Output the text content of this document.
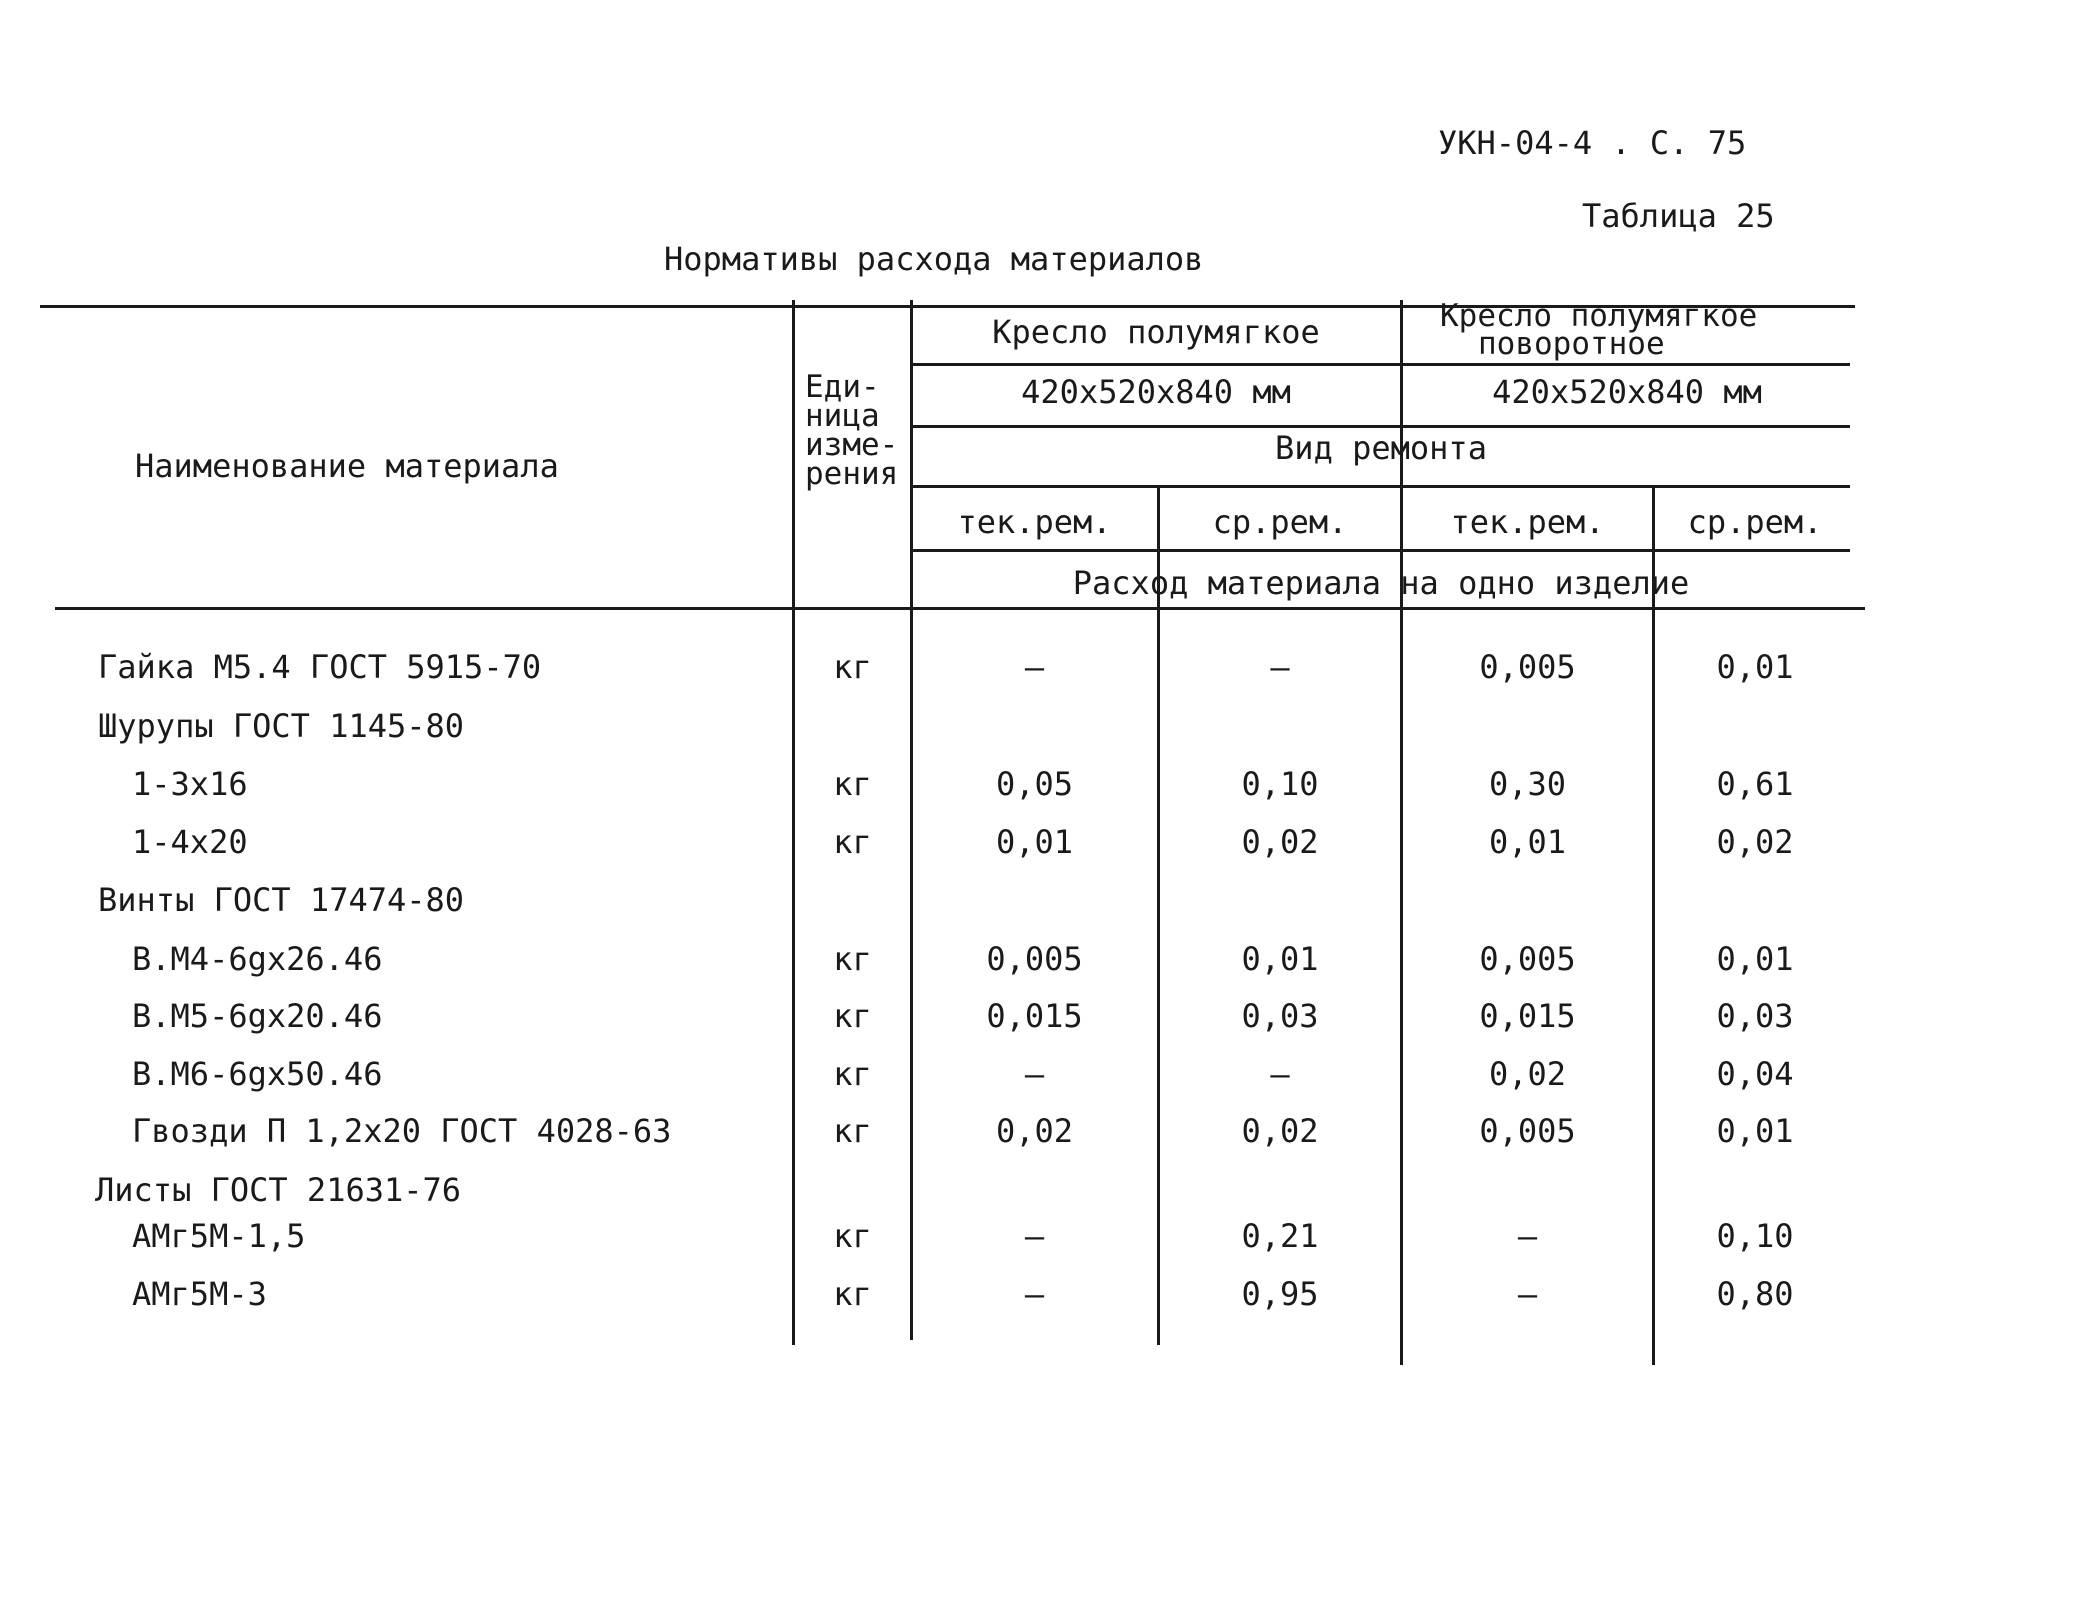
УКН-04-4 . С. 75
Таблица 25
Нормативы расхода материалов
Наименование материала
Еди-
ница
изме-
рения
Кресло полумягкое
420x520x840 мм
Кресло полумягкое
поворотное
420x520x840 мм
Вид ремонта
тек.рем.	ср.рем.	тек.рем.	ср.рем.
Расход материала на одно изделие
Гайка М5.4 ГОСТ 5915-70	кг	–	–	0,005	0,01
Шурупы ГОСТ 1145-80
1-3x16	кг	0,05	0,10	0,30	0,61
1-4x20	кг	0,01	0,02	0,01	0,02
Винты ГОСТ 17474-80
В.М4-6gx26.46	кг	0,005	0,01	0,005	0,01
В.М5-6gx20.46	кг	0,015	0,03	0,015	0,03
В.М6-6gx50.46	кг	–	–	0,02	0,04
Гвозди П 1,2x20 ГОСТ 4028-63	кг	0,02	0,02	0,005	0,01
Листы ГОСТ 21631-76
АМг5М-1,5	кг	–	0,21	–	0,10
АМг5М-3	кг	–	0,95	–	0,80
